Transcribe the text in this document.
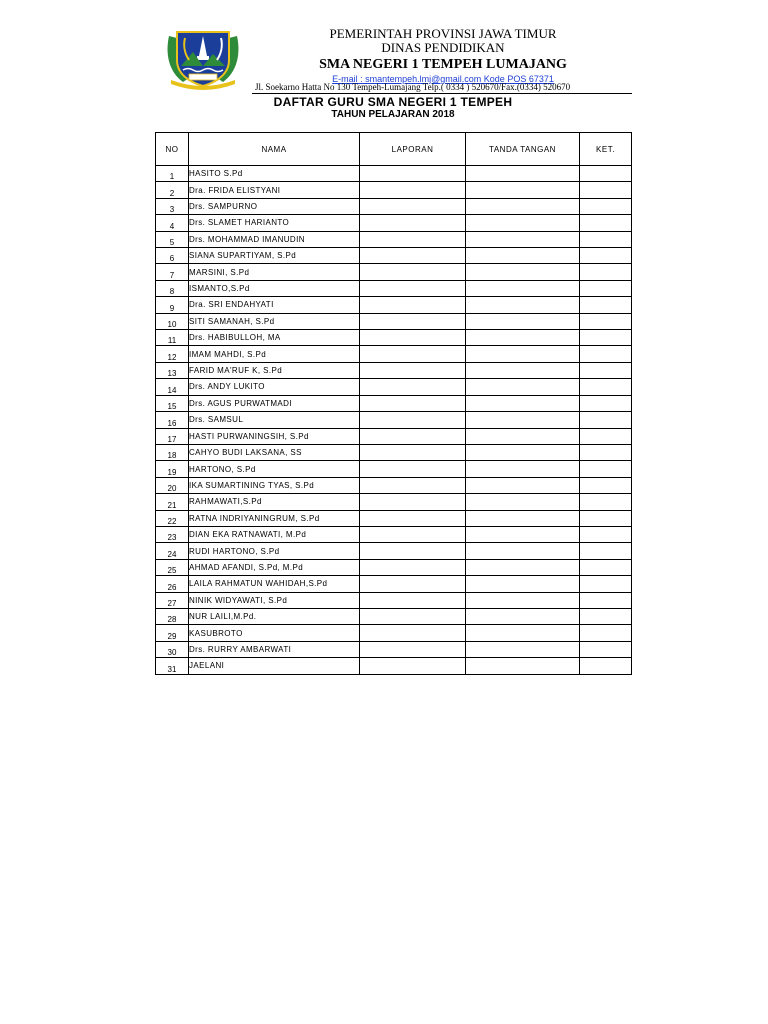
PEMERINTAH PROVINSI JAWA TIMUR
DINAS PENDIDIKAN
SMA NEGERI 1 TEMPEH LUMAJANG
E-mail : smantempeh.lmj@gmail.com Kode POS 67371
Jl. Soekarno Hatta No 130 Tempeh-Lumajang Telp.( 0334 ) 520670/Fax.(0334) 520670
DAFTAR GURU SMA NEGERI 1 TEMPEH
TAHUN PELAJARAN 2018
NO	NAMA	LAPORAN	TANDA TANGAN	KET.
1	HASITO S.Pd			
2	Dra. FRIDA ELISTYANI			
3	Drs. SAMPURNO			
4	Drs. SLAMET HARIANTO			
5	Drs. MOHAMMAD IMANUDIN			
6	SIANA SUPARTIYAM, S.Pd			
7	MARSINI, S.Pd			
8	ISMANTO,S.Pd			
9	Dra. SRI ENDAHYATI			
10	SITI SAMANAH, S.Pd			
11	Drs. HABIBULLOH, MA			
12	IMAM MAHDI, S.Pd			
13	FARID MA'RUF K, S.Pd			
14	Drs. ANDY LUKITO			
15	Drs. AGUS PURWATMADI			
16	Drs. SAMSUL			
17	HASTI PURWANINGSIH, S.Pd			
18	CAHYO BUDI LAKSANA, SS			
19	HARTONO, S.Pd			
20	IKA SUMARTINING TYAS, S.Pd			
21	RAHMAWATI,S.Pd			
22	RATNA INDRIYANINGRUM, S.Pd			
23	DIAN EKA RATNAWATI, M.Pd			
24	RUDI HARTONO, S.Pd			
25	AHMAD AFANDI, S.Pd, M.Pd			
26	LAILA RAHMATUN WAHIDAH,S.Pd			
27	NINIK WIDYAWATI, S.Pd			
28	NUR LAILI,M.Pd.			
29	KASUBROTO			
30	Drs. RURRY AMBARWATI			
31	JAELANI			
